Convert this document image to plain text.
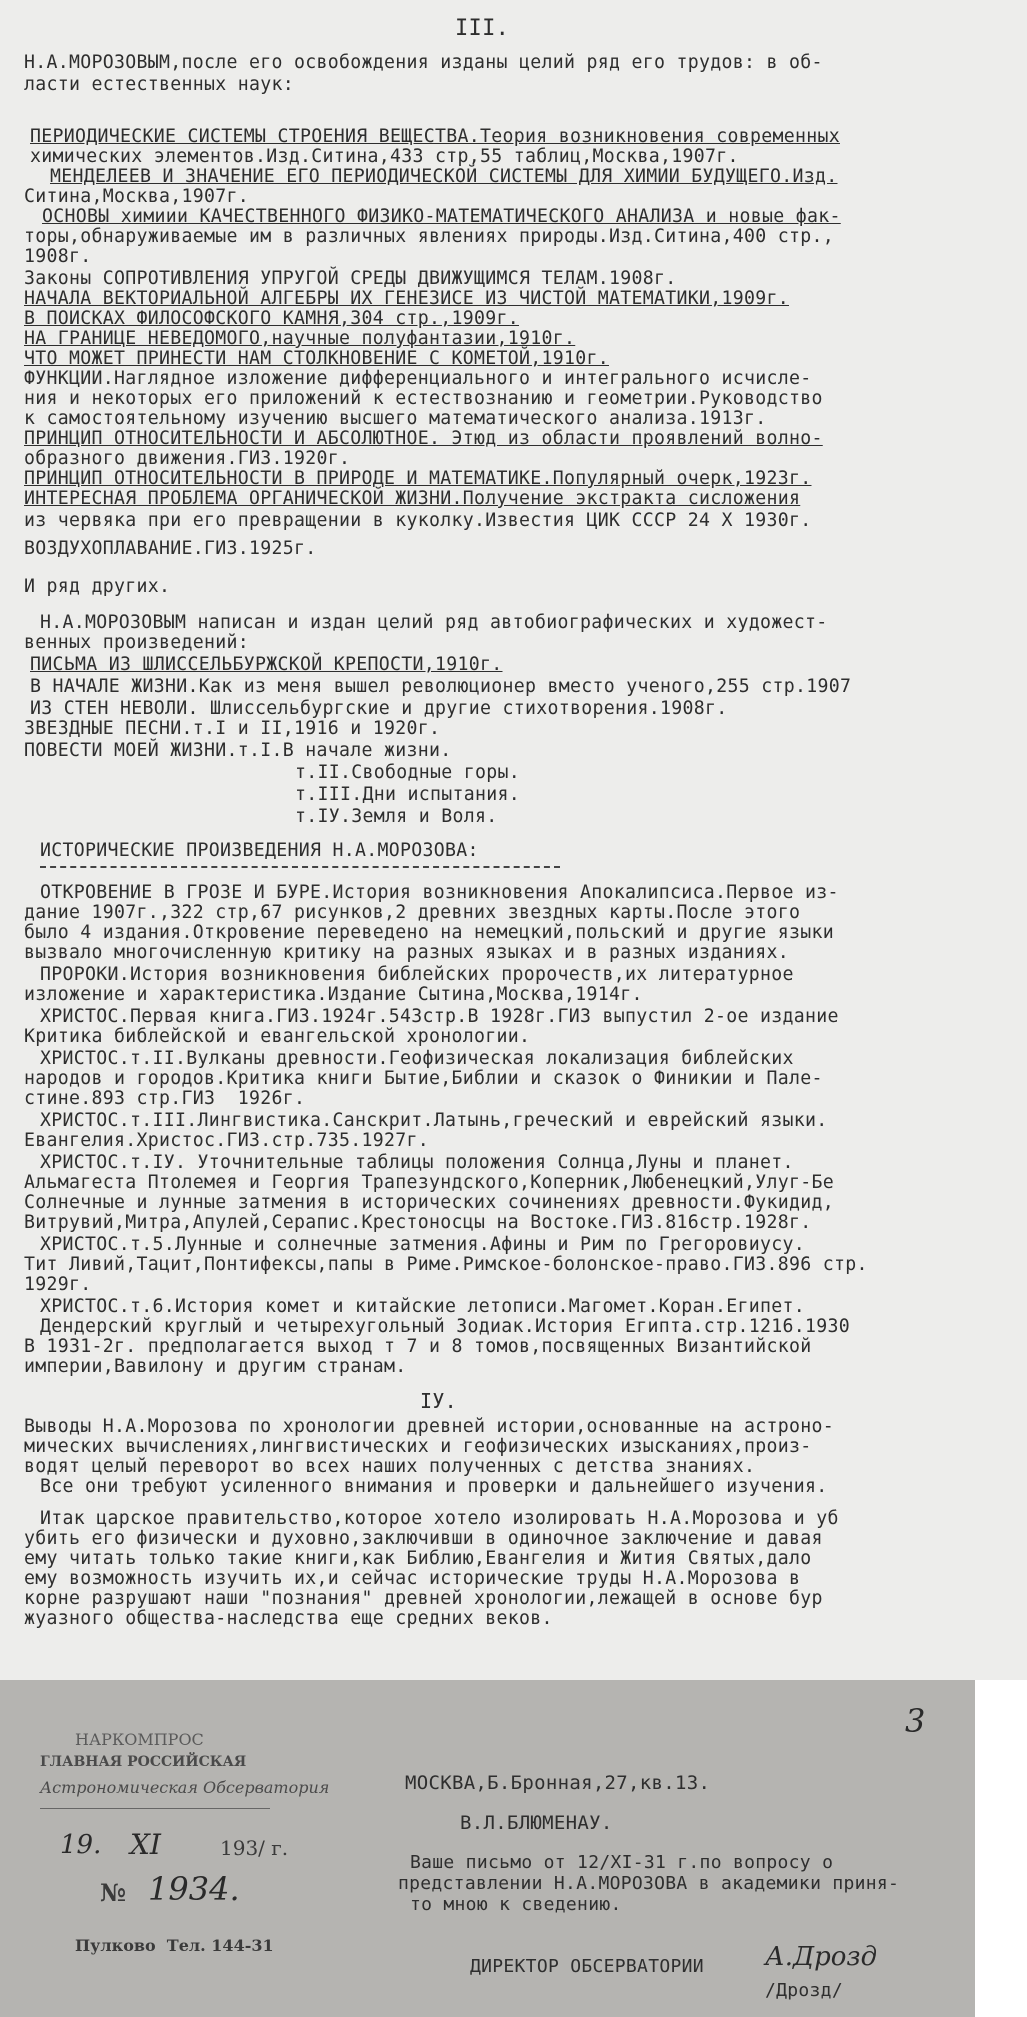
III.
Н.А.МОРОЗОВЫМ,после его освобождения изданы целий ряд его трудов: в об-
ласти естественных наук:
ПЕРИОДИЧЕСКИЕ СИСТЕМЫ СТРОЕНИЯ ВЕЩЕСТВА.Теория возникновения современных
химических элементов.Изд.Ситина,433 стр,55 таблиц,Москва,1907г.
МЕНДЕЛЕЕВ И ЗНАЧЕНИЕ ЕГО ПЕРИОДИЧЕСКОЙ СИСТЕМЫ ДЛЯ ХИМИИ БУДУЩЕГО.Изд.
Ситина,Москва,1907г.
ОСНОВЫ химиии КАЧЕСТВЕННОГО ФИЗИКО-МАТЕМАТИЧЕСКОГО АНАЛИЗА и новые фак-
торы,обнаруживаемые им в различных явлениях природы.Изд.Ситина,400 стр.,
1908г.
Законы СОПРОТИВЛЕНИЯ УПРУГОЙ СРЕДЫ ДВИЖУЩИМСЯ ТЕЛАМ.1908г.
НАЧАЛА ВЕКТОРИАЛЬНОЙ АЛГЕБРЫ ИХ ГЕНЕЗИСЕ ИЗ ЧИСТОЙ МАТЕМАТИКИ,1909г.
В ПОИСКАХ ФИЛОСОФСКОГО КАМНЯ,304 стр.,1909г.
НА ГРАНИЦЕ НЕВЕДОМОГО,научные полуфантазии,1910г.
ЧТО МОЖЕТ ПРИНЕСТИ НАМ СТОЛКНОВЕНИЕ С КОМЕТОЙ,1910г.
ФУНКЦИИ.Наглядное изложение дифференциального и интегрального исчисле-
ния и некоторых его приложений к естествознанию и геометрии.Руководство
к самостоятельному изучению высшего математического анализа.1913г.
ПРИНЦИП ОТНОСИТЕЛЬНОСТИ И АБСОЛЮТНОЕ. Этюд из области проявлений волно-
образного движения.ГИЗ.1920г.
ПРИНЦИП ОТНОСИТЕЛЬНОСТИ В ПРИРОДЕ И МАТЕМАТИКЕ.Популярный очерк,1923г.
ИНТЕРЕСНАЯ ПРОБЛЕМА ОРГАНИЧЕСКОЙ ЖИЗНИ.Получение экстракта сисложения
из червяка при его превращении в куколку.Известия ЦИК СССР 24 X 1930г.
ВОЗДУХОПЛАВАНИЕ.ГИЗ.1925г.
И ряд других.
Н.А.МОРОЗОВЫМ написан и издан целий ряд автобиографических и художест-
венных произведений:
ПИСЬМА ИЗ ШЛИССЕЛЬБУРЖСКОЙ КРЕПОСТИ,1910г.
В НАЧАЛЕ ЖИЗНИ.Как из меня вышел революционер вместо ученого,255 стр.1907
ИЗ СТЕН НЕВОЛИ. Шлиссельбургские и другие стихотворения.1908г.
ЗВЕЗДНЫЕ ПЕСНИ.т.I и II,1916 и 1920г.
ПОВЕСТИ МОЕЙ ЖИЗНИ.т.I.В начале жизни.
т.II.Свободные горы.
т.III.Дни испытания.
т.IУ.Земля и Воля.
ИСТОРИЧЕСКИЕ ПРОИЗВЕДЕНИЯ Н.А.МОРОЗОВА:
ОТКРОВЕНИЕ В ГРОЗЕ И БУРЕ.История возникновения Апокалипсиса.Первое из-
дание 1907г.,322 стр,67 рисунков,2 древних звездных карты.После этого
было 4 издания.Откровение переведено на немецкий,польский и другие языки
вызвало многочисленную критику на разных языках и в разных изданиях.
ПРОРОКИ.История возникновения библейских пророчеств,их литературное
изложение и характеристика.Издание Сытина,Москва,1914г.
ХРИСТОС.Первая книга.ГИЗ.1924г.543стр.В 1928г.ГИЗ выпустил 2-ое издание
Критика библейской и евангельской хронологии.
ХРИСТОС.т.II.Вулканы древности.Геофизическая локализация библейских
народов и городов.Критика книги Бытие,Библии и сказок о Финикии и Пале-
стине.893 стр.ГИЗ  1926г.
ХРИСТОС.т.III.Лингвистика.Санскрит.Латынь,греческий и еврейский языки.
Евангелия.Христос.ГИЗ.стр.735.1927г.
ХРИСТОС.т.IУ. Уточнительные таблицы положения Солнца,Луны и планет.
Альмагеста Птолемея и Георгия Трапезундского,Коперник,Любенецкий,Улуг-Бе
Солнечные и лунные затмения в исторических сочинениях древности.Фукидид,
Витрувий,Митра,Апулей,Серапис.Крестоносцы на Востоке.ГИЗ.816стр.1928г.
ХРИСТОС.т.5.Лунные и солнечные затмения.Афины и Рим по Грегоровиусу.
Тит Ливий,Тацит,Понтифексы,папы в Риме.Римское-болонское-право.ГИЗ.896 стр.
1929г.
ХРИСТОС.т.6.История комет и китайские летописи.Магомет.Коран.Египет.
Дендерский круглый и четырехугольный Зодиак.История Египта.стр.1216.1930
В 1931-2г. предполагается выход т 7 и 8 томов,посвященных Византийской
империи,Вавилону и другим странам.
IУ.
Выводы Н.А.Морозова по хронологии древней истории,основанные на астроно-
мических вычислениях,лингвистических и геофизических изысканиях,произ-
водят целый переворот во всех наших полученных с детства знаниях.
Все они требуют усиленного внимания и проверки и дальнейшего изучения.
Итак царское правительство,которое хотело изолировать Н.А.Морозова и уб
убить его физически и духовно,заключивши в одиночное заключение и давая
ему читать только такие книги,как Библию,Евангелия и Жития Святых,дало
ему возможность изучить их,и сейчас исторические труды Н.А.Морозова в
корне разрушают наши "познания" древней хронологии,лежащей в основе бур
жуазного общества-наследства еще средних веков.
3
НАРКОМПРОС
ГЛАВНАЯ РОССИЙСКАЯ
Астрономическая Обсерватория
19. XI	193/ г.
№ 1934.
Пулково  Тел. 144-31
МОСКВА,Б.Бронная,27,кв.13.
В.Л.БЛЮМЕНАУ.
Ваше письмо от 12/XI-31 г.по вопросу о
представлении Н.А.МОРОЗОВА в академики приня-
то мною к сведению.
ДИРЕКТОР ОБСЕРВАТОРИИ А.Дрозд
/Дрозд/
